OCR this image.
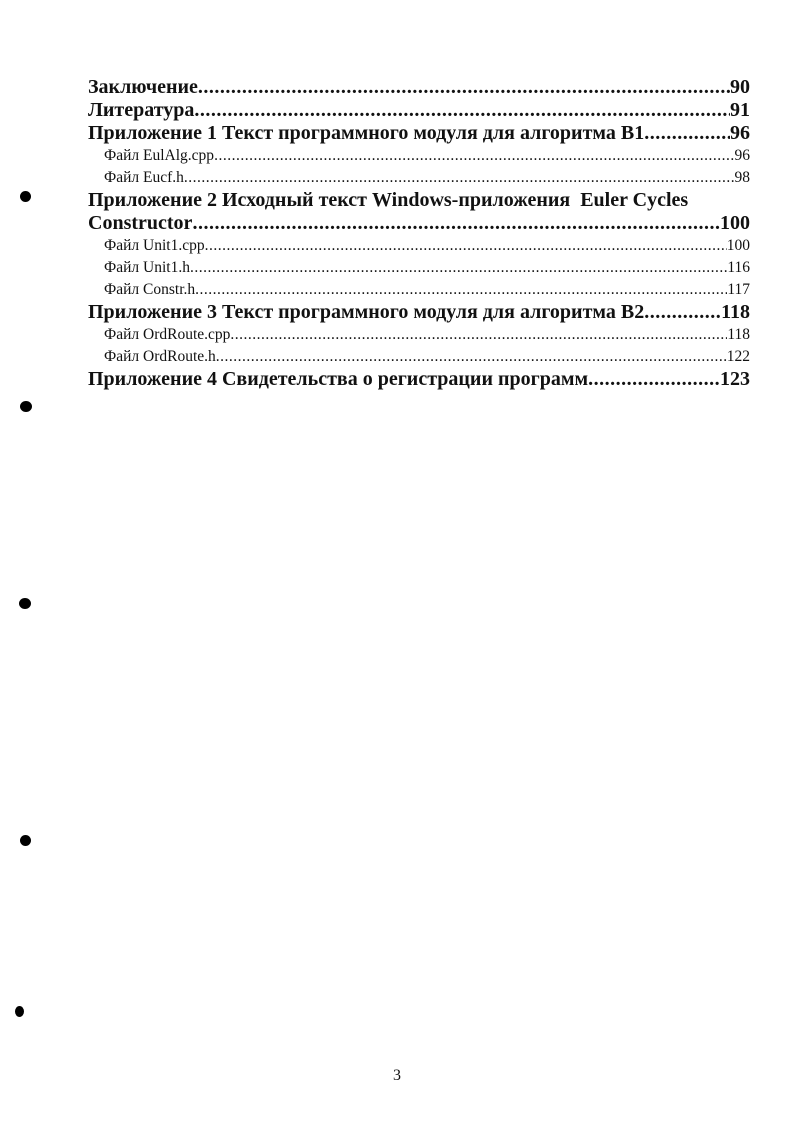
Заключение .....	90
Литература .....	91
Приложение 1 Текст программного модуля для алгоритма B1 .....	96
Файл EulAlg.cpp .....	96
Файл Eucf.h .....	98
Приложение 2 Исходный текст Windows-приложения  Euler Cycles
Constructor .....	100
Файл Unit1.cpp .....	100
Файл Unit1.h .....	116
Файл Constr.h .....	117
Приложение 3 Текст программного модуля для алгоритма B2 .....	118
Файл OrdRoute.cpp .....	118
Файл OrdRoute.h .....	122
Приложение 4 Свидетельства о регистрации программ .....	123
3
